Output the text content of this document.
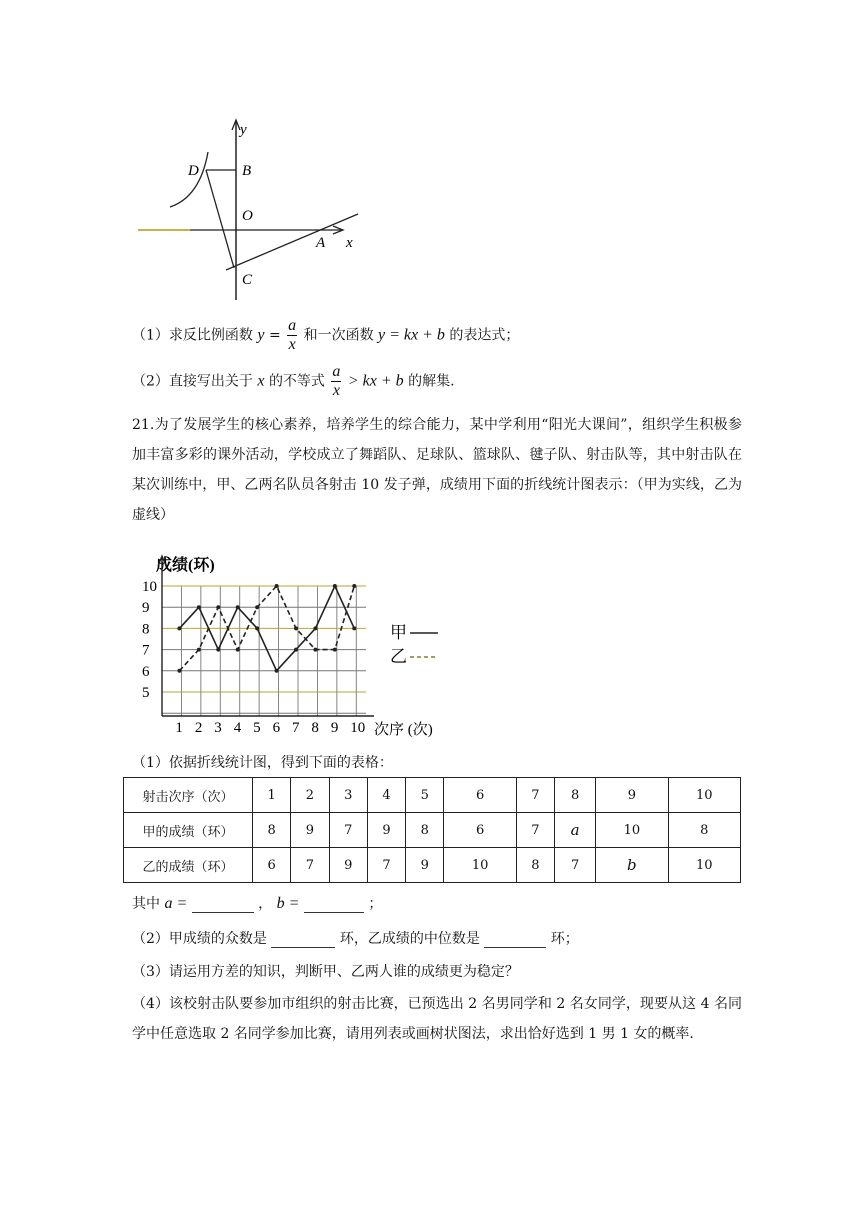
y
x
D	B
O
A
C
（1）求反比例函数 $y = \frac{a}{x}$ 和一次函数 y = kx + b 的表达式；
（2）直接写出关于 x 的不等式 $\frac{a}{x}$ > kx + b 的解集.
21.为了发展学生的核心素养，培养学生的综合能力，某中学利用“阳光大课间”，组织学生积极参加丰富多彩的课外活动，学校成立了舞蹈队、足球队、篮球队、毽子队、射击队等，其中射击队在某次训练中，甲、乙两名队员各射击 10 发子弹，成绩用下面的折线统计图表示：（甲为实线，乙为虚线）
成绩(环)
次序 (次)
5
6
7
8
9
10
1 2 3 4 5 6 7 8 9 10
甲
乙
（1）依据折线统计图，得到下面的表格：
射击次序（次）	1	2	3	4	5	6	7	8	9	10
甲的成绩（环）	8	9	7	9	8	6	7	a	10	8
乙的成绩（环）	6	7	9	7	9	10	8	7	b	10
其中 a =	， b =	；
（2）甲成绩的众数是	环，乙成绩的中位数是	环；
（3）请运用方差的知识，判断甲、乙两人谁的成绩更为稳定？
（4）该校射击队要参加市组织的射击比赛，已预选出 2 名男同学和 2 名女同学，现要从这 4 名同学中任意选取 2 名同学参加比赛，请用列表或画树状图法，求出恰好选到 1 男 1 女的概率.
